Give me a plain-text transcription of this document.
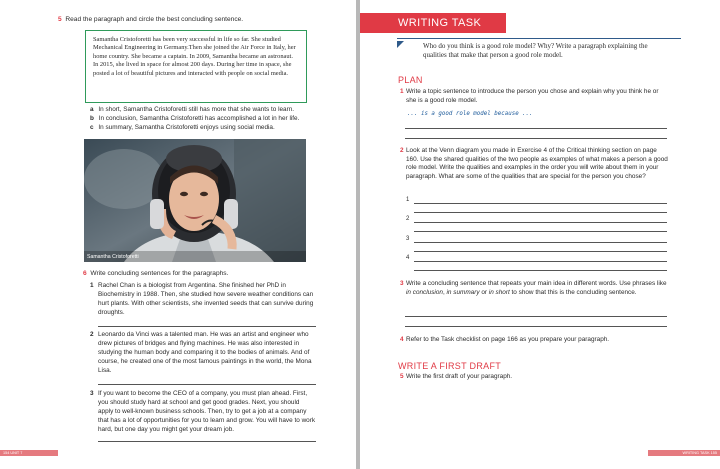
5 Read the paragraph and circle the best concluding sentence.
Samantha Cristoforetti has been very successful in life so far. She studied Mechanical Engineering in Germany.Then she joined the Air Force in Italy, her home country. She became a captain. In 2009, Samantha became an astronaut. In 2015, she lived in space for almost 200 days. During her time in space, she posted a lot of beautiful pictures and interacted with people on social media.
a In short, Samantha Cristoforetti still has more that she wants to learn.
b In conclusion, Samantha Cristoforetti has accomplished a lot in her life.
c In summary, Samantha Cristoforetti enjoys using social media.
Samantha Cristoforetti
6 Write concluding sentences for the paragraphs.
1 Rachel Chan is a biologist from Argentina. She finished her PhD in Biochemistry in 1988. Then, she studied how severe weather conditions can hurt plants. With other scientists, she invented seeds that can survive during droughts.
2 Leonardo da Vinci was a talented man. He was an artist and engineer who drew pictures of bridges and flying machines. He was also interested in studying the human body and comparing it to the bodies of animals. And of course, he created one of the most famous paintings in the world, the Mona Lisa.
3 If you want to become the CEO of a company, you must plan ahead. First, you should study hard at school and get good grades. Next, you should apply to well-known business schools. Then, try to get a job at a company that has a lot of opportunities for you to learn and grow. You will have to work hard, but one day you might get your dream job.
154 UNIT 7
WRITING TASK
Who do you think is a good role model? Why? Write a paragraph explaining the qualities that make that person a good role model.
PLAN
1 Write a topic sentence to introduce the person you chose and explain why you think he or she is a good role model.
... is a good role model because ...
2 Look at the Venn diagram you made in Exercise 4 of the Critical thinking section on page 160. Use the shared qualities of the two people as examples of what makes a person a good role model. Write the qualities and examples in the order you will write about them in your paragraph. What are some of the qualities that are special for the person you chose?
1
2
3
4
3 Write a concluding sentence that repeats your main idea in different words. Use phrases like in conclusion, in summary or in short to show that this is the concluding sentence.
4 Refer to the Task checklist on page 166 as you prepare your paragraph.
WRITE A FIRST DRAFT
5 Write the first draft of your paragraph.
WRITING TASK 155
